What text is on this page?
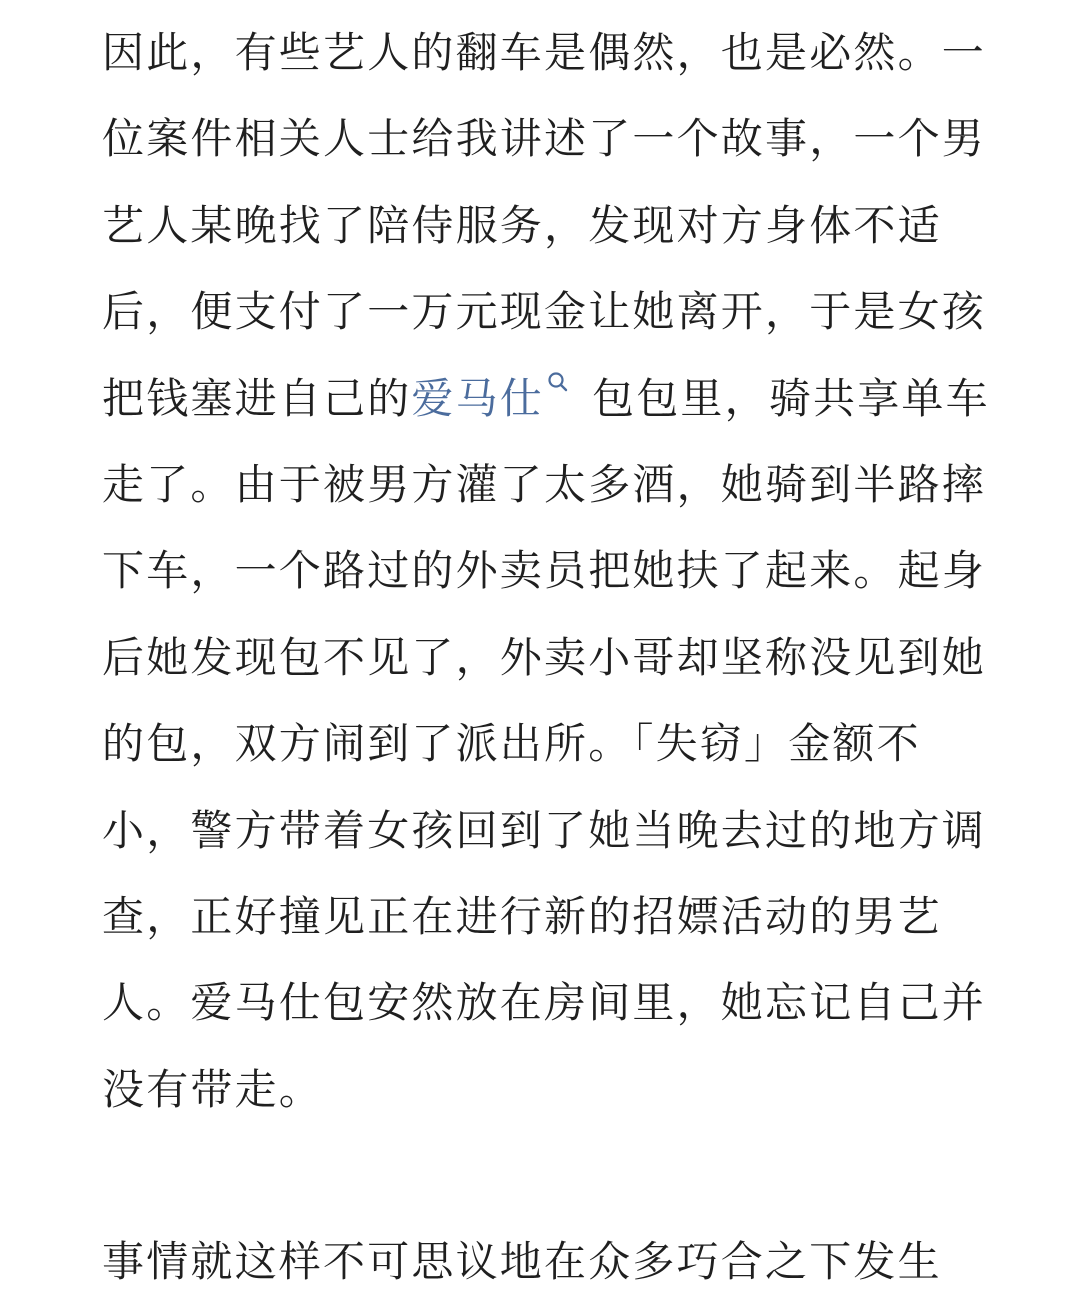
因此，有些艺人的翻车是偶然，也是必然。一
位案件相关人士给我讲述了一个故事，一个男
艺人某晚找了陪侍服务，发现对方身体不适
后，便支付了一万元现金让她离开，于是女孩
把钱塞进自己的爱马仕 包包里，骑共享单车
走了。由于被男方灌了太多酒，她骑到半路摔
下车，一个路过的外卖员把她扶了起来。起身
后她发现包不见了，外卖小哥却坚称没见到她
的包，双方闹到了派出所。「失窃」金额不
小，警方带着女孩回到了她当晚去过的地方调
查，正好撞见正在进行新的招嫖活动的男艺
人。爱马仕包安然放在房间里，她忘记自己并
没有带走。
事情就这样不可思议地在众多巧合之下发生
